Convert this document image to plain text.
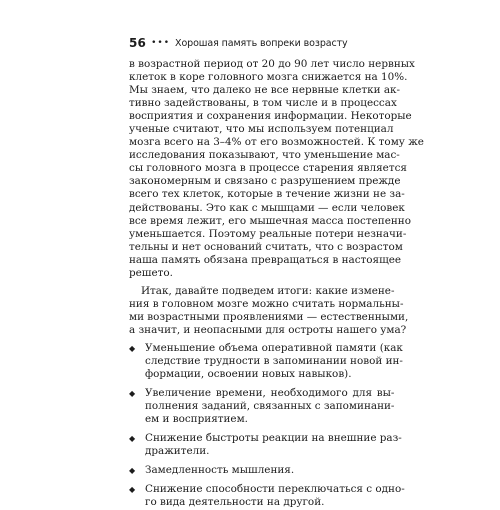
56 ••• Хорошая память вопреки возрасту
в возрастной период от 20 до 90 лет число нервных
клеток в коре головного мозга снижается на 10%.
Мы знаем, что далеко не все нервные клетки ак-
тивно задействованы, в том числе и в процессах
восприятия и сохранения информации. Некоторые
ученые считают, что мы используем потенциал
мозга всего на 3–4% от его возможностей. К тому же
исследования показывают, что уменьшение мас-
сы головного мозга в процессе старения является
закономерным и связано с разрушением прежде
всего тех клеток, которые в течение жизни не за-
действованы. Это как с мышцами — если человек
все время лежит, его мышечная масса постепенно
уменьшается. Поэтому реальные потери незначи-
тельны и нет оснований считать, что с возрастом
наша память обязана превращаться в настоящее
решето.
Итак, давайте подведем итоги: какие измене-
ния в головном мозге можно считать нормальны-
ми возрастными проявлениями — естественными,
а значит, и неопасными для остроты нашего ума?
◆ Уменьшение объема оперативной памяти (как
следствие трудности в запоминании новой ин-
формации, освоении новых навыков).
◆ Увеличение времени, необходимого для вы-
полнения заданий, связанных с запоминани-
ем и восприятием.
◆ Снижение быстроты реакции на внешние раз-
дражители.
◆ Замедленность мышления.
◆ Снижение способности переключаться с одно-
го вида деятельности на другой.
